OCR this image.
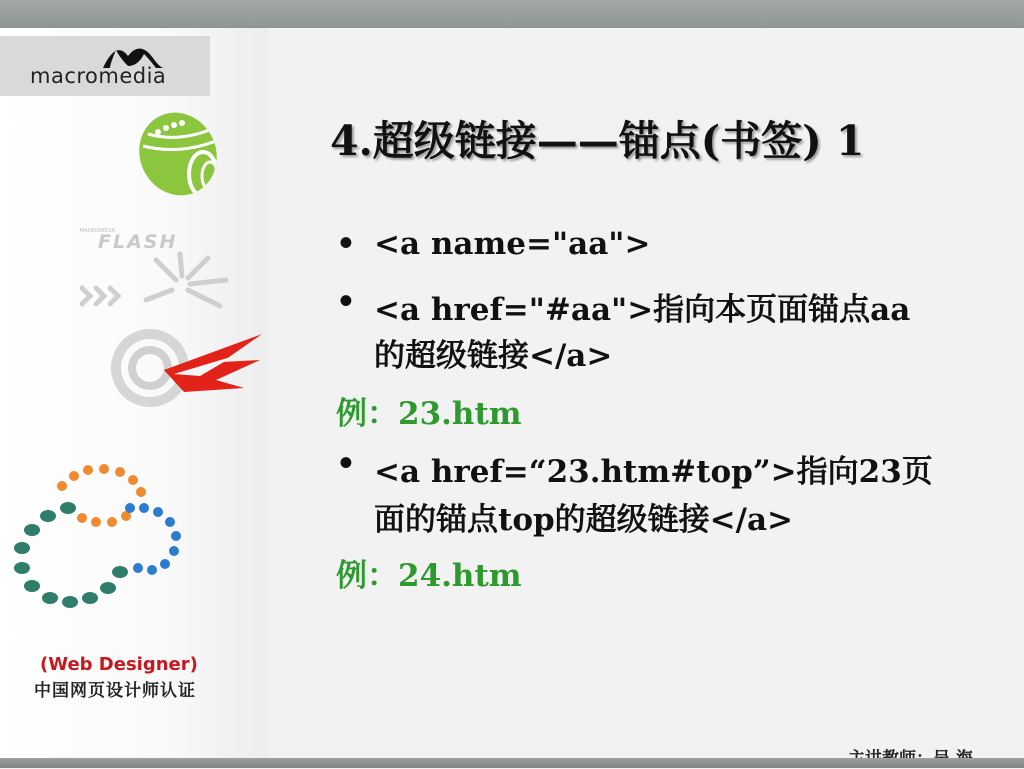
macromedia
MACROMEDIA
FLASH
(Web Designer)
中国网页设计师认证
4.超级链接——锚点(书签) 1
• <a name="aa">
• <a href="#aa">指向本页面锚点aa
的超级链接</a>
例：23.htm
• <a href=“23.htm#top”>指向23页
面的锚点top的超级链接</a>
例：24.htm
